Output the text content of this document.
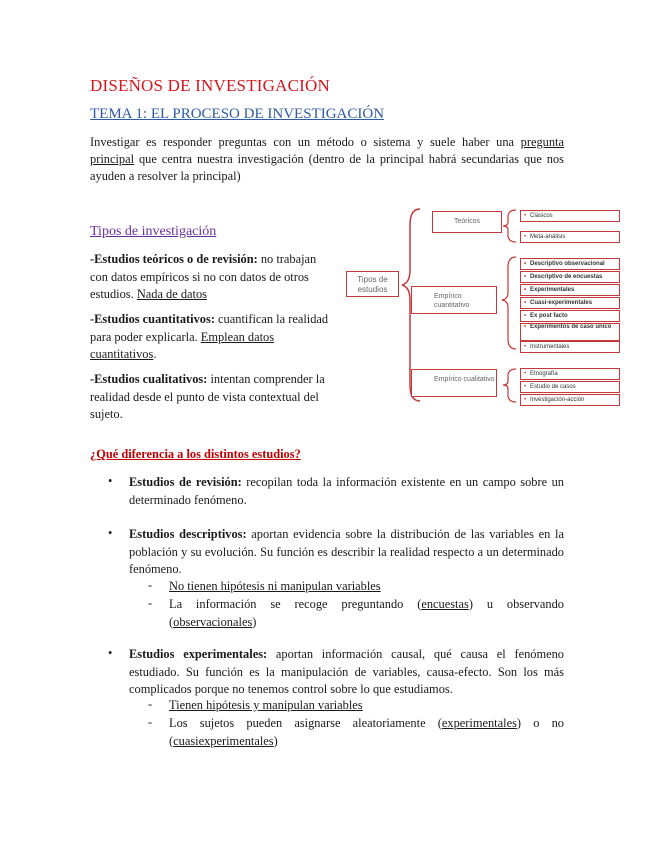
DISEÑOS DE INVESTIGACIÓN
TEMA 1: EL PROCESO DE INVESTIGACIÓN
Investigar es responder preguntas con un método o sistema y suele haber una pregunta principal que centra nuestra investigación (dentro de la principal habrá secundarias que nos ayuden a resolver la principal)
Tipos de investigación
-Estudios teóricos o de revisión: no trabajan con datos empíricos si no con datos de otros estudios. Nada de datos
-Estudios cuantitativos: cuantifican la realidad para poder explicarla. Emplean datos cuantitativos.
-Estudios cualitativos: intentan comprender la realidad desde el punto de vista contextual del sujeto.
Tipos de estudios
Teóricos
Empírico cuantitativo
Empírico cualitativo
• Clásicos
• Meta-análisis
• Descriptivo observacional
• Descriptivo de encuestas
• Experimentales
• Cuasi-experimentales
• Ex post facto
• Experimentos de caso único
• Instrumentales
• Etnografía
• Estudio de casos
• Investigación-acción
¿Qué diferencia a los distintos estudios?
• Estudios de revisión: recopilan toda la información existente en un campo sobre un determinado fenómeno.
• Estudios descriptivos: aportan evidencia sobre la distribución de las variables en la población y su evolución. Su función es describir la realidad respecto a un determinado fenómeno.
- No tienen hipótesis ni manipulan variables
- La información se recoge preguntando (encuestas) u observando (observacionales)
• Estudios experimentales: aportan información causal, qué causa el fenómeno estudiado. Su función es la manipulación de variables, causa-efecto. Son los más complicados porque no tenemos control sobre lo que estudiamos.
- Tienen hipótesis y manipulan variables
- Los sujetos pueden asignarse aleatoriamente (experimentales) o no (cuasiexperimentales)
